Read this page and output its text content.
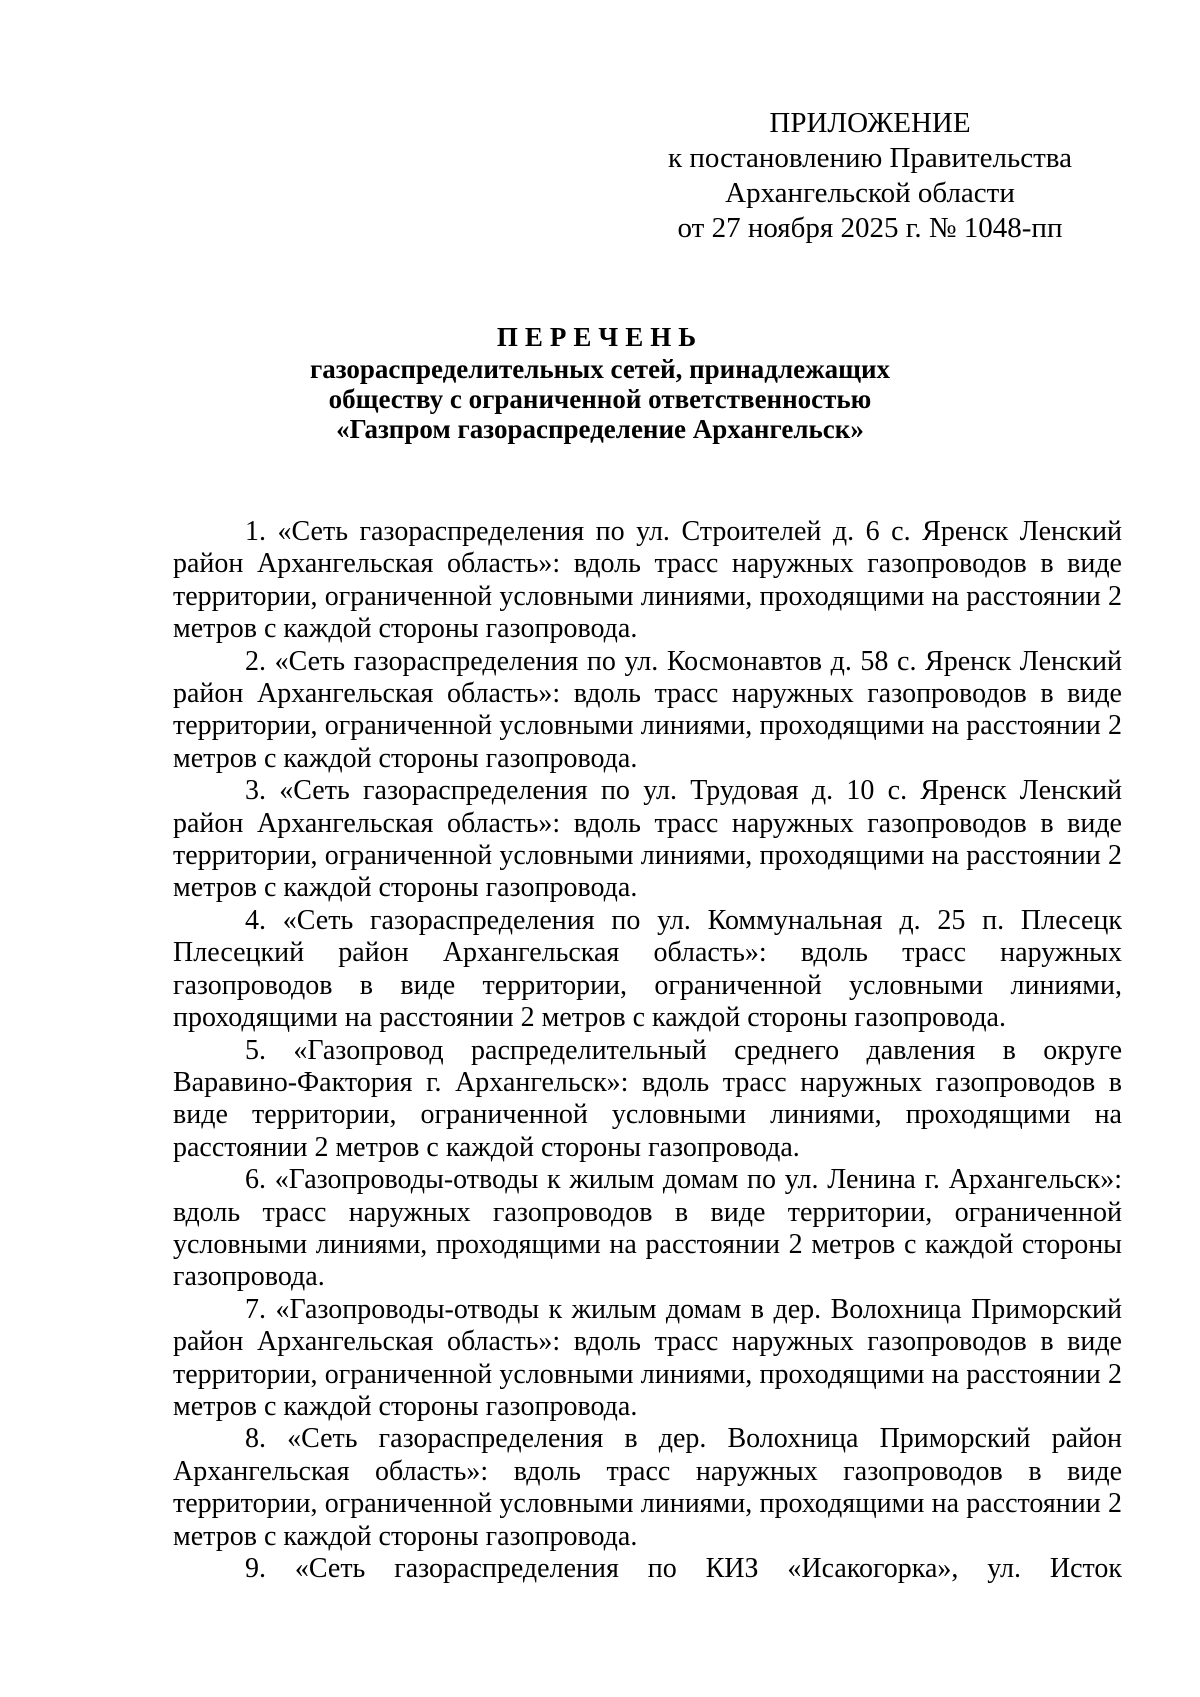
ПРИЛОЖЕНИЕ
к постановлению Правительства
Архангельской области
от 27 ноября 2025 г. № 1048-пп
ПЕРЕЧЕНЬ
газораспределительных сетей, принадлежащих
обществу с ограниченной ответственностью
«Газпром газораспределение Архангельск»

1. «Сеть газораспределения по ул. Строителей д. 6 с. Яренск Ленский район Архангельская область»: вдоль трасс наружных газопроводов в виде территории, ограниченной условными линиями, проходящими на расстоянии 2 метров с каждой стороны газопровода.

2. «Сеть газораспределения по ул. Космонавтов д. 58 с. Яренск Ленский район Архангельская область»: вдоль трасс наружных газопроводов в виде территории, ограниченной условными линиями, проходящими на расстоянии 2 метров с каждой стороны газопровода.

3. «Сеть газораспределения по ул. Трудовая д. 10 с. Яренск Ленский район Архангельская область»: вдоль трасс наружных газопроводов в виде территории, ограниченной условными линиями, проходящими на расстоянии 2 метров с каждой стороны газопровода.

4. «Сеть газораспределения по ул. Коммунальная д. 25 п. Плесецк Плесецкий район Архангельская область»: вдоль трасс наружных газопроводов в виде территории, ограниченной условными линиями, проходящими на расстоянии 2 метров с каждой стороны газопровода.

5. «Газопровод распределительный среднего давления в округе Варавино-Фактория г. Архангельск»: вдоль трасс наружных газопроводов в виде территории, ограниченной условными линиями, проходящими на расстоянии 2 метров с каждой стороны газопровода.

6. «Газопроводы-отводы к жилым домам по ул. Ленина г. Архангельск»: вдоль трасс наружных газопроводов в виде территории, ограниченной условными линиями, проходящими на расстоянии 2 метров с каждой стороны газопровода.

7. «Газопроводы-отводы к жилым домам в дер. Волохница Приморский район Архангельская область»: вдоль трасс наружных газопроводов в виде территории, ограниченной условными линиями, проходящими на расстоянии 2 метров с каждой стороны газопровода.

8. «Сеть газораспределения в дер. Волохница Приморский район Архангельская область»: вдоль трасс наружных газопроводов в виде территории, ограниченной условными линиями, проходящими на расстоянии 2 метров с каждой стороны газопровода.

9. «Сеть газораспределения по КИЗ «Исакогорка», ул. Исток
